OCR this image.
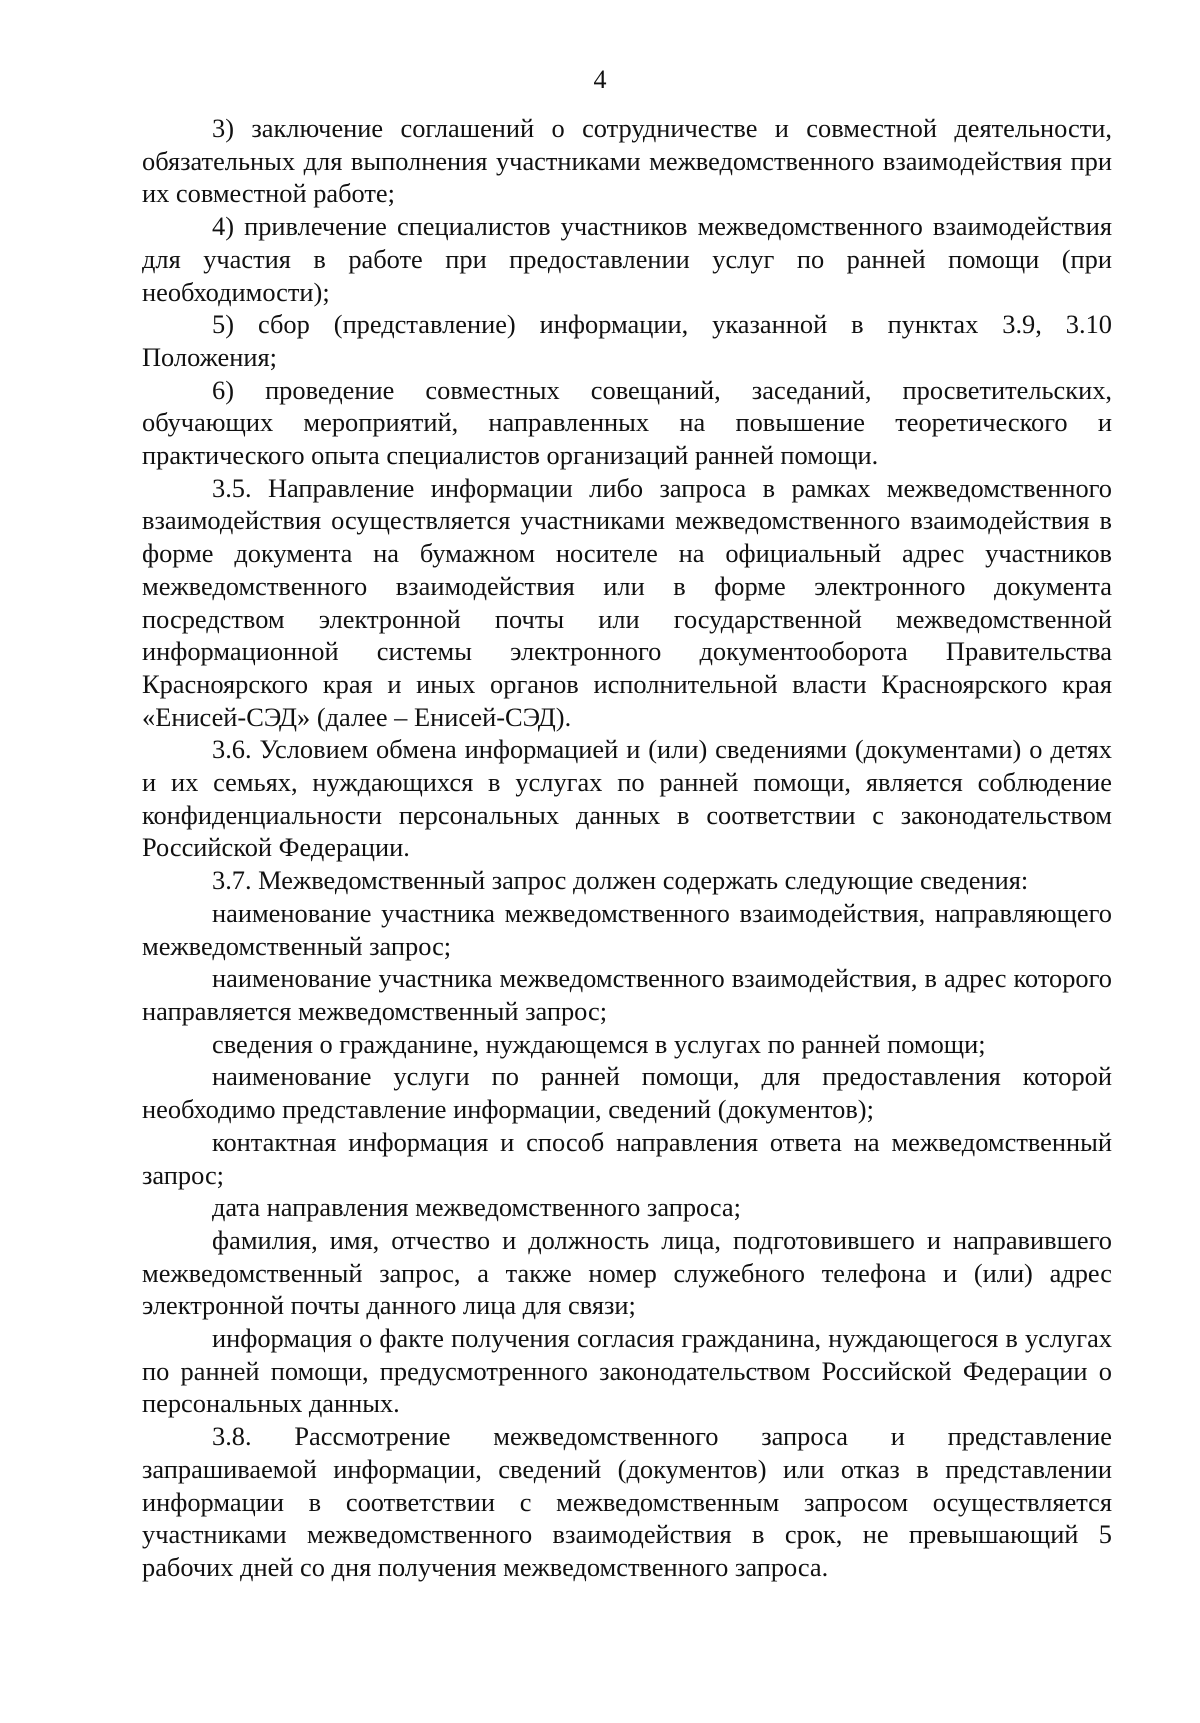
4

3) заключение соглашений о сотрудничестве и совместной деятельности, обязательных для выполнения участниками межведомственного взаимодействия при их совместной работе;

4) привлечение специалистов участников межведомственного взаимодействия для участия в работе при предоставлении услуг по ранней помощи (при необходимости);

5) сбор (представление) информации, указанной в пунктах 3.9, 3.10 Положения;

6) проведение совместных совещаний, заседаний, просветительских, обучающих мероприятий, направленных на повышение теоретического и практического опыта специалистов организаций ранней помощи.

3.5. Направление информации либо запроса в рамках межведомственного взаимодействия осуществляется участниками межведомственного взаимодействия в форме документа на бумажном носителе на официальный адрес участников межведомственного взаимодействия или в форме электронного документа посредством электронной почты или государственной межведомственной информационной системы электронного документооборота Правительства Красноярского края и иных органов исполнительной власти Красноярского края «Енисей-СЭД» (далее – Енисей-СЭД).

3.6. Условием обмена информацией и (или) сведениями (документами) о детях и их семьях, нуждающихся в услугах по ранней помощи, является соблюдение конфиденциальности персональных данных в соответствии с законодательством Российской Федерации.

3.7. Межведомственный запрос должен содержать следующие сведения:

наименование участника межведомственного взаимодействия, направляющего межведомственный запрос;

наименование участника межведомственного взаимодействия, в адрес которого направляется межведомственный запрос;

сведения о гражданине, нуждающемся в услугах по ранней помощи;

наименование услуги по ранней помощи, для предоставления которой необходимо представление информации, сведений (документов);

контактная информация и способ направления ответа на межведомственный запрос;

дата направления межведомственного запроса;

фамилия, имя, отчество и должность лица, подготовившего и направившего межведомственный запрос, а также номер служебного телефона и (или) адрес электронной почты данного лица для связи;

информация о факте получения согласия гражданина, нуждающегося в услугах по ранней помощи, предусмотренного законодательством Российской Федерации о персональных данных.

3.8. Рассмотрение межведомственного запроса и представление запрашиваемой информации, сведений (документов) или отказ в представлении информации в соответствии с межведомственным запросом осуществляется участниками межведомственного взаимодействия в срок, не превышающий 5 рабочих дней со дня получения межведомственного запроса.
